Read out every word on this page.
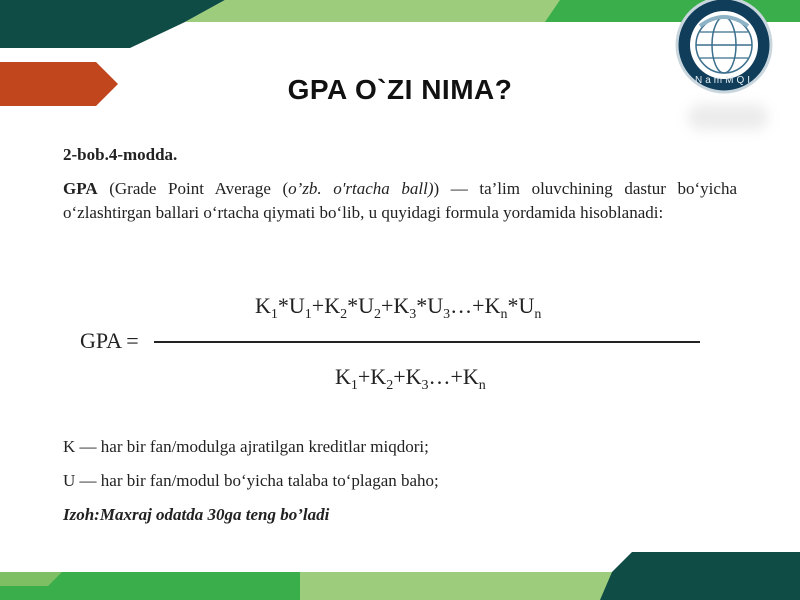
NamMQI
GPA O`ZI NIMA?

2-bob.4-modda.

GPA (Grade Point Average (o’zb. o'rtacha ball)) — ta’lim oluvchining dastur bo‘yicha o‘zlashtirgan ballari o‘rtacha qiymati bo‘lib, u quyidagi formula yordamida hisoblanadi:

$K_1*U_1+K_2*U_2+K_3*U_3\dots+K_n*U_n$
GPA =
$K_1+K_2+K_3\dots+K_n$

K — har bir fan/modulga ajratilgan kreditlar miqdori;

U — har bir fan/modul bo‘yicha talaba to‘plagan baho;

Izoh:Maxraj odatda 30ga teng bo’ladi
